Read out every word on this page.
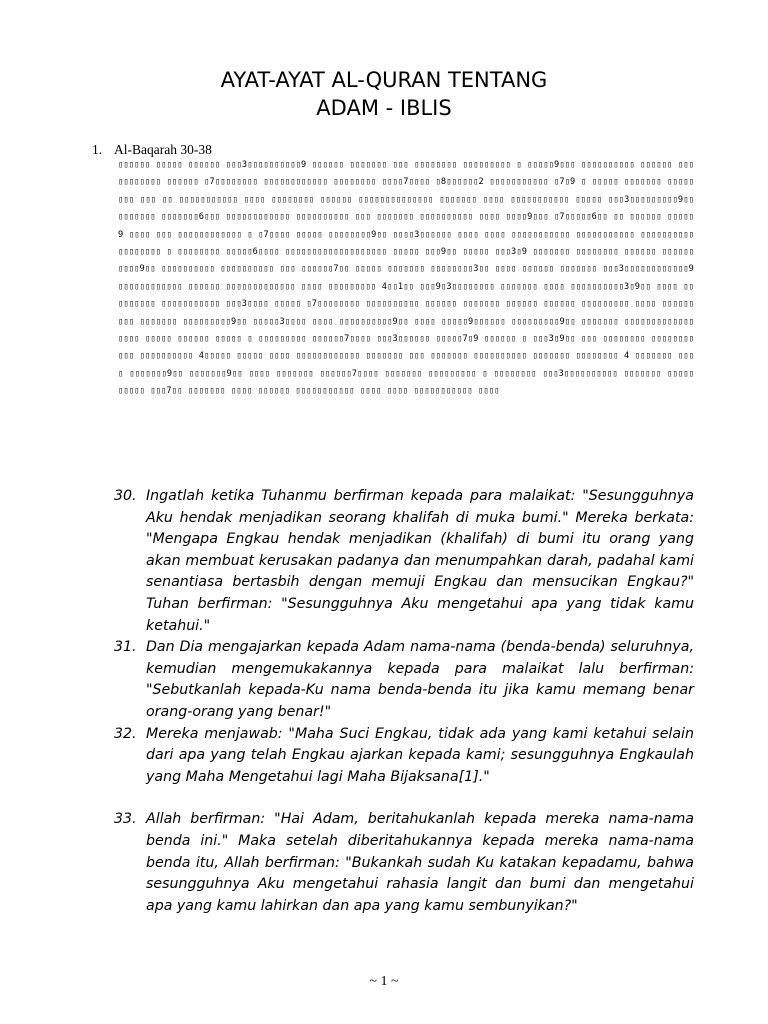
AYAT-AYAT AL-QURAN TENTANG
ADAM - IBLIS
1. Al-Baqarah 30-38
▯▯▯▯▯▯ ▯▯▯▯▯ ▯▯▯▯▯▯ ▯▯▯3▯▯▯▯▯▯▯▯▯▯9 ▯▯▯▯▯▯ ▯▯▯▯▯▯▯ ▯▯▯ ▯▯▯▯▯▯▯▯ ▯▯▯▯▯▯▯▯▯ ▯ ▯▯▯▯▯9▯▯▯ ▯▯▯▯▯▯▯▯▯▯ ▯▯▯▯▯▯ ▯▯▯ ▯▯▯▯▯▯▯▯ ▯▯▯▯▯▯ ▯7▯▯▯▯▯▯▯▯ ▯▯▯▯▯▯▯▯▯▯▯▯ ▯▯▯▯▯▯▯▯ ▯▯▯▯7▯▯▯▯ ▯8▯▯▯▯▯▯2 ▯▯▯▯▯▯▯▯▯▯▯ ▯7▯9 ▯ ▯▯▯▯▯ ▯▯▯▯▯▯▯ ▯▯▯▯▯▯▯▯ ▯▯▯ ▯▯ ▯▯▯▯▯▯▯▯▯▯▯ ▯▯▯▯ ▯▯▯▯▯▯▯▯ ▯▯▯▯▯▯ ▯▯▯▯▯▯▯▯▯▯▯▯▯▯ ▯▯▯▯▯▯▯ ▯▯▯▯ ▯▯▯▯▯▯▯▯▯▯▯ ▯▯▯▯▯ ▯▯▯3▯▯▯▯▯▯▯▯▯9▯▯ ▯▯▯▯▯▯▯ ▯▯▯▯▯▯▯6▯▯▯ ▯▯▯▯▯▯▯▯▯▯▯▯ ▯▯▯▯▯▯▯▯▯▯ ▯▯▯ ▯▯▯▯▯▯▯ ▯▯▯▯▯▯▯▯▯▯ ▯▯▯▯ ▯▯▯▯9▯▯▯ ▯7▯▯▯▯▯6▯▯ ▯▯ ▯▯▯▯▯▯ ▯▯▯▯▯9 ▯▯▯▯ ▯▯▯ ▯▯▯▯▯▯▯▯▯▯▯▯ ▯ ▯7▯▯▯▯ ▯▯▯▯▯ ▯▯▯▯▯▯▯▯9▯▯ ▯▯▯▯3▯▯▯▯▯▯ ▯▯▯▯ ▯▯▯▯ ▯▯▯▯▯▯▯▯▯▯▯ ▯▯▯▯▯▯▯▯▯▯▯ ▯▯▯▯▯▯▯▯▯▯▯▯▯▯▯▯▯▯ ▯ ▯▯▯▯▯▯▯▯ ▯▯▯▯▯6▯▯▯▯ ▯▯▯▯▯▯▯▯▯▯▯▯▯▯▯▯▯▯▯ ▯▯▯▯▯ ▯▯▯9▯▯ ▯▯▯▯▯ ▯▯▯3▯9 ▯▯▯▯▯▯▯ ▯▯▯▯▯▯▯▯ ▯▯▯▯▯▯ ▯▯▯▯▯▯▯▯▯▯9▯▯ ▯▯▯▯▯▯▯▯▯▯ ▯▯▯▯▯▯▯▯▯▯ ▯▯▯ ▯▯▯▯▯▯7▯▯ ▯▯▯▯▯ ▯▯▯▯▯▯▯ ▯▯▯▯▯▯▯▯3▯▯ ▯▯▯▯ ▯▯▯▯▯▯ ▯▯▯▯▯▯▯ ▯▯▯3▯▯▯▯▯▯▯▯▯▯▯▯9 ▯▯▯▯▯▯▯▯▯▯▯▯ ▯▯▯▯▯▯ ▯▯▯▯▯▯▯▯▯▯▯▯▯ ▯▯▯▯ ▯▯▯▯▯▯▯▯▯ 4▯▯1▯▯ ▯▯▯9▯3▯▯▯▯▯▯▯▯ ▯▯▯▯▯▯▯ ▯▯▯▯ ▯▯▯▯▯▯▯▯▯▯3▯9▯▯ ▯▯▯▯ ▯▯▯▯▯▯▯▯▯ ▯▯▯▯▯▯▯▯▯▯▯ ▯▯▯3▯▯▯▯ ▯▯▯▯▯ ▯7▯▯▯▯▯▯▯▯ ▯▯▯▯▯▯▯▯▯▯ ▯▯▯▯▯▯ ▯▯▯▯▯▯▯ ▯▯▯▯▯▯ ▯▯▯▯▯▯ ▯▯▯▯▯▯▯▯▯ ▯▯▯▯ ▯▯▯▯▯▯▯▯▯ ▯▯▯▯▯▯▯ ▯▯▯▯▯▯▯▯▯9▯▯ ▯▯▯▯▯3▯▯▯▯ ▯▯▯▯ ▯▯▯▯▯▯▯▯▯▯9▯▯ ▯▯▯▯ ▯▯▯▯▯9▯▯▯▯▯▯ ▯▯▯▯▯▯▯▯▯9▯▯ ▯▯▯▯▯▯▯ ▯▯▯▯▯▯▯▯▯▯▯▯▯▯▯▯▯ ▯▯▯▯▯ ▯▯▯▯▯▯ ▯▯▯▯▯ ▯ ▯▯▯▯▯▯▯▯▯ ▯▯▯▯▯▯7▯▯▯▯ ▯▯▯3▯▯▯▯▯▯ ▯▯▯▯▯7▯9 ▯▯▯▯▯▯ ▯ ▯▯▯3▯9▯▯ ▯▯▯ ▯▯▯▯▯▯▯▯ ▯▯▯▯▯▯▯▯▯▯▯ ▯▯▯▯▯▯▯▯▯▯ 4▯▯▯▯▯ ▯▯▯▯▯ ▯▯▯▯ ▯▯▯▯▯▯▯▯▯▯▯▯ ▯▯▯▯▯▯▯ ▯▯▯ ▯▯▯▯▯▯▯ ▯▯▯▯▯▯▯▯▯▯ ▯▯▯▯▯▯▯ ▯▯▯▯▯▯▯▯ 4 ▯▯▯▯▯▯▯ ▯▯▯▯ ▯▯▯▯▯▯▯9▯▯ ▯▯▯▯▯▯▯9▯▯ ▯▯▯▯ ▯▯▯▯▯▯▯ ▯▯▯▯▯▯7▯▯▯▯ ▯▯▯▯▯▯▯ ▯▯▯▯▯▯▯▯▯ ▯ ▯▯▯▯▯▯▯▯ ▯▯▯3▯▯▯▯▯▯▯▯▯▯ ▯▯▯▯▯▯▯ ▯▯▯▯▯ ▯▯▯▯▯ ▯▯▯7▯▯ ▯▯▯▯▯▯▯ ▯▯▯▯ ▯▯▯▯▯▯ ▯▯▯▯▯▯▯▯▯▯▯ ▯▯▯▯ ▯▯▯▯ ▯▯▯▯▯▯▯▯▯▯▯ ▯▯▯▯
30. Ingatlah ketika Tuhanmu berfirman kepada para malaikat: "Sesungguhnya Aku hendak menjadikan seorang khalifah di muka bumi." Mereka berkata: "Mengapa Engkau hendak menjadikan (khalifah) di bumi itu orang yang akan membuat kerusakan padanya dan menumpahkan darah, padahal kami senantiasa bertasbih dengan memuji Engkau dan mensucikan Engkau?" Tuhan berfirman: "Sesungguhnya Aku mengetahui apa yang tidak kamu ketahui."
31. Dan Dia mengajarkan kepada Adam nama-nama (benda-benda) seluruhnya, kemudian mengemukakannya kepada para malaikat lalu berfirman: "Sebutkanlah kepada-Ku nama benda-benda itu jika kamu memang benar orang-orang yang benar!"
32. Mereka menjawab: "Maha Suci Engkau, tidak ada yang kami ketahui selain dari apa yang telah Engkau ajarkan kepada kami; sesungguhnya Engkaulah yang Maha Mengetahui lagi Maha Bijaksana[1]."
33. Allah berfirman: "Hai Adam, beritahukanlah kepada mereka nama-nama benda ini." Maka setelah diberitahukannya kepada mereka nama-nama benda itu, Allah berfirman: "Bukankah sudah Ku katakan kepadamu, bahwa sesungguhnya Aku mengetahui rahasia langit dan bumi dan mengetahui apa yang kamu lahirkan dan apa yang kamu sembunyikan?"
~ 1 ~
